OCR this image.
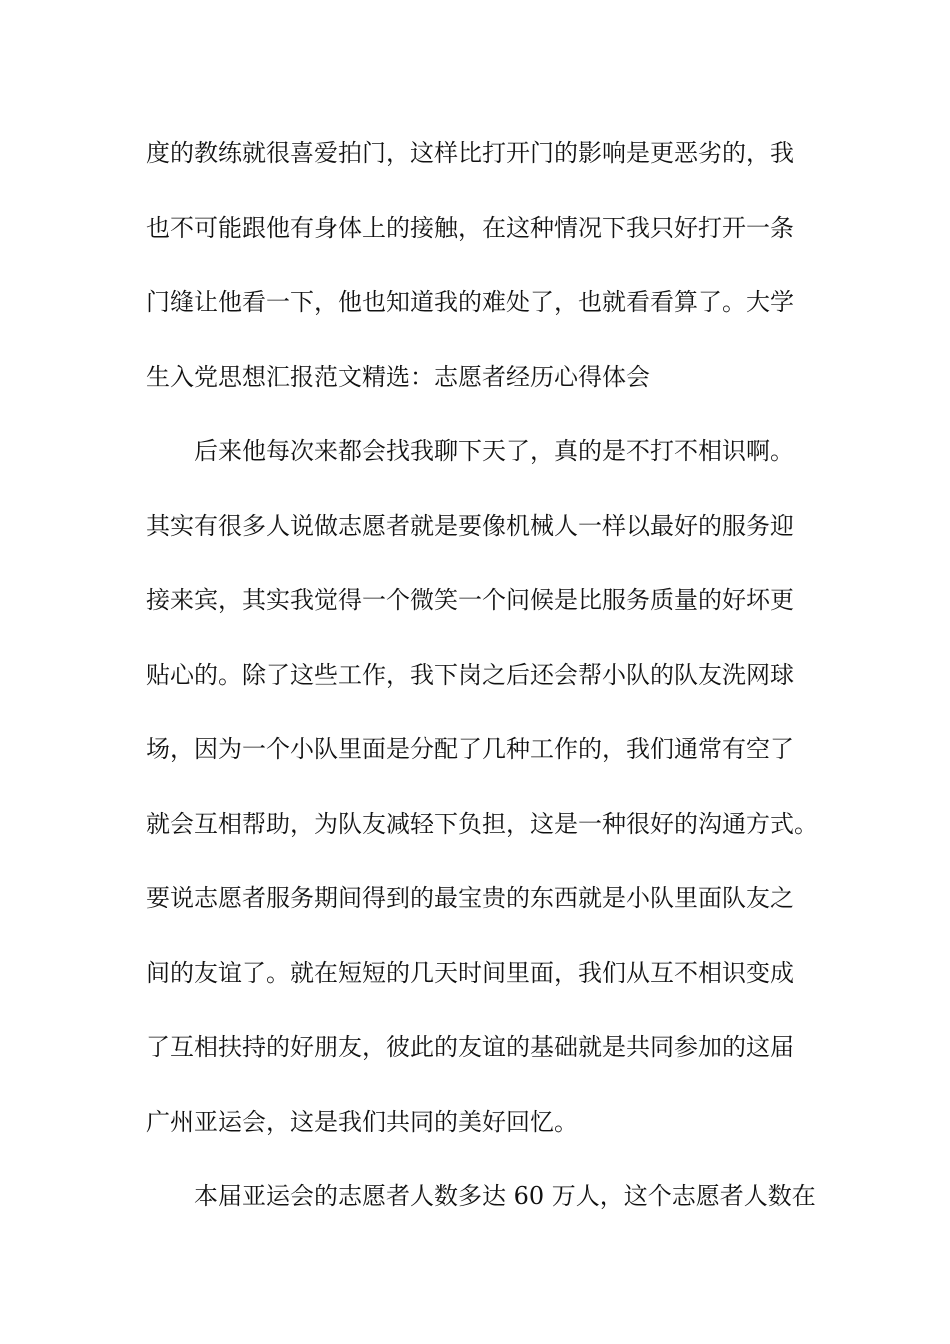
度的教练就很喜爱拍门，这样比打开门的影响是更恶劣的，我
也不可能跟他有身体上的接触，在这种情况下我只好打开一条
门缝让他看一下，他也知道我的难处了，也就看看算了。大学
生入党思想汇报范文精选：志愿者经历心得体会
后来他每次来都会找我聊下天了，真的是不打不相识啊。
其实有很多人说做志愿者就是要像机械人一样以最好的服务迎
接来宾，其实我觉得一个微笑一个问候是比服务质量的好坏更
贴心的。除了这些工作，我下岗之后还会帮小队的队友洗网球
场，因为一个小队里面是分配了几种工作的，我们通常有空了
就会互相帮助，为队友减轻下负担，这是一种很好的沟通方式。
要说志愿者服务期间得到的最宝贵的东西就是小队里面队友之
间的友谊了。就在短短的几天时间里面，我们从互不相识变成
了互相扶持的好朋友，彼此的友谊的基础就是共同参加的这届
广州亚运会，这是我们共同的美好回忆。
本届亚运会的志愿者人数多达 60 万人，这个志愿者人数在
